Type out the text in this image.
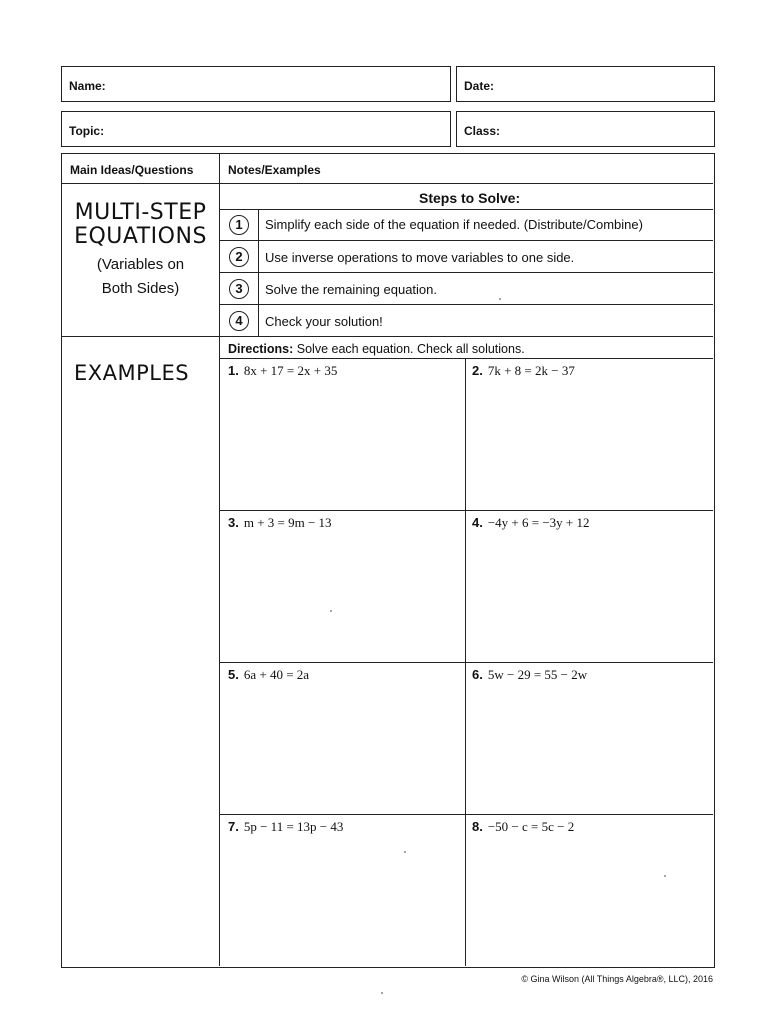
Name:	Date:
Topic:	Class:
Main Ideas/Questions	Notes/Examples
MULTI-STEP
EQUATIONS
(Variables on
Both Sides)
Steps to Solve:
1	Simplify each side of the equation if needed. (Distribute/Combine)
2	Use inverse operations to move variables to one side.
3	Solve the remaining equation.
4	Check your solution!
EXAMPLES
Directions: Solve each equation. Check all solutions.
1. 8x + 17 = 2x + 35	2. 7k + 8 = 2k − 37
3. m + 3 = 9m − 13	4. −4y + 6 = −3y + 12
5. 6a + 40 = 2a	6. 5w − 29 = 55 − 2w
7. 5p − 11 = 13p − 43	8. −50 − c = 5c − 2
© Gina Wilson (All Things Algebra®, LLC), 2016
